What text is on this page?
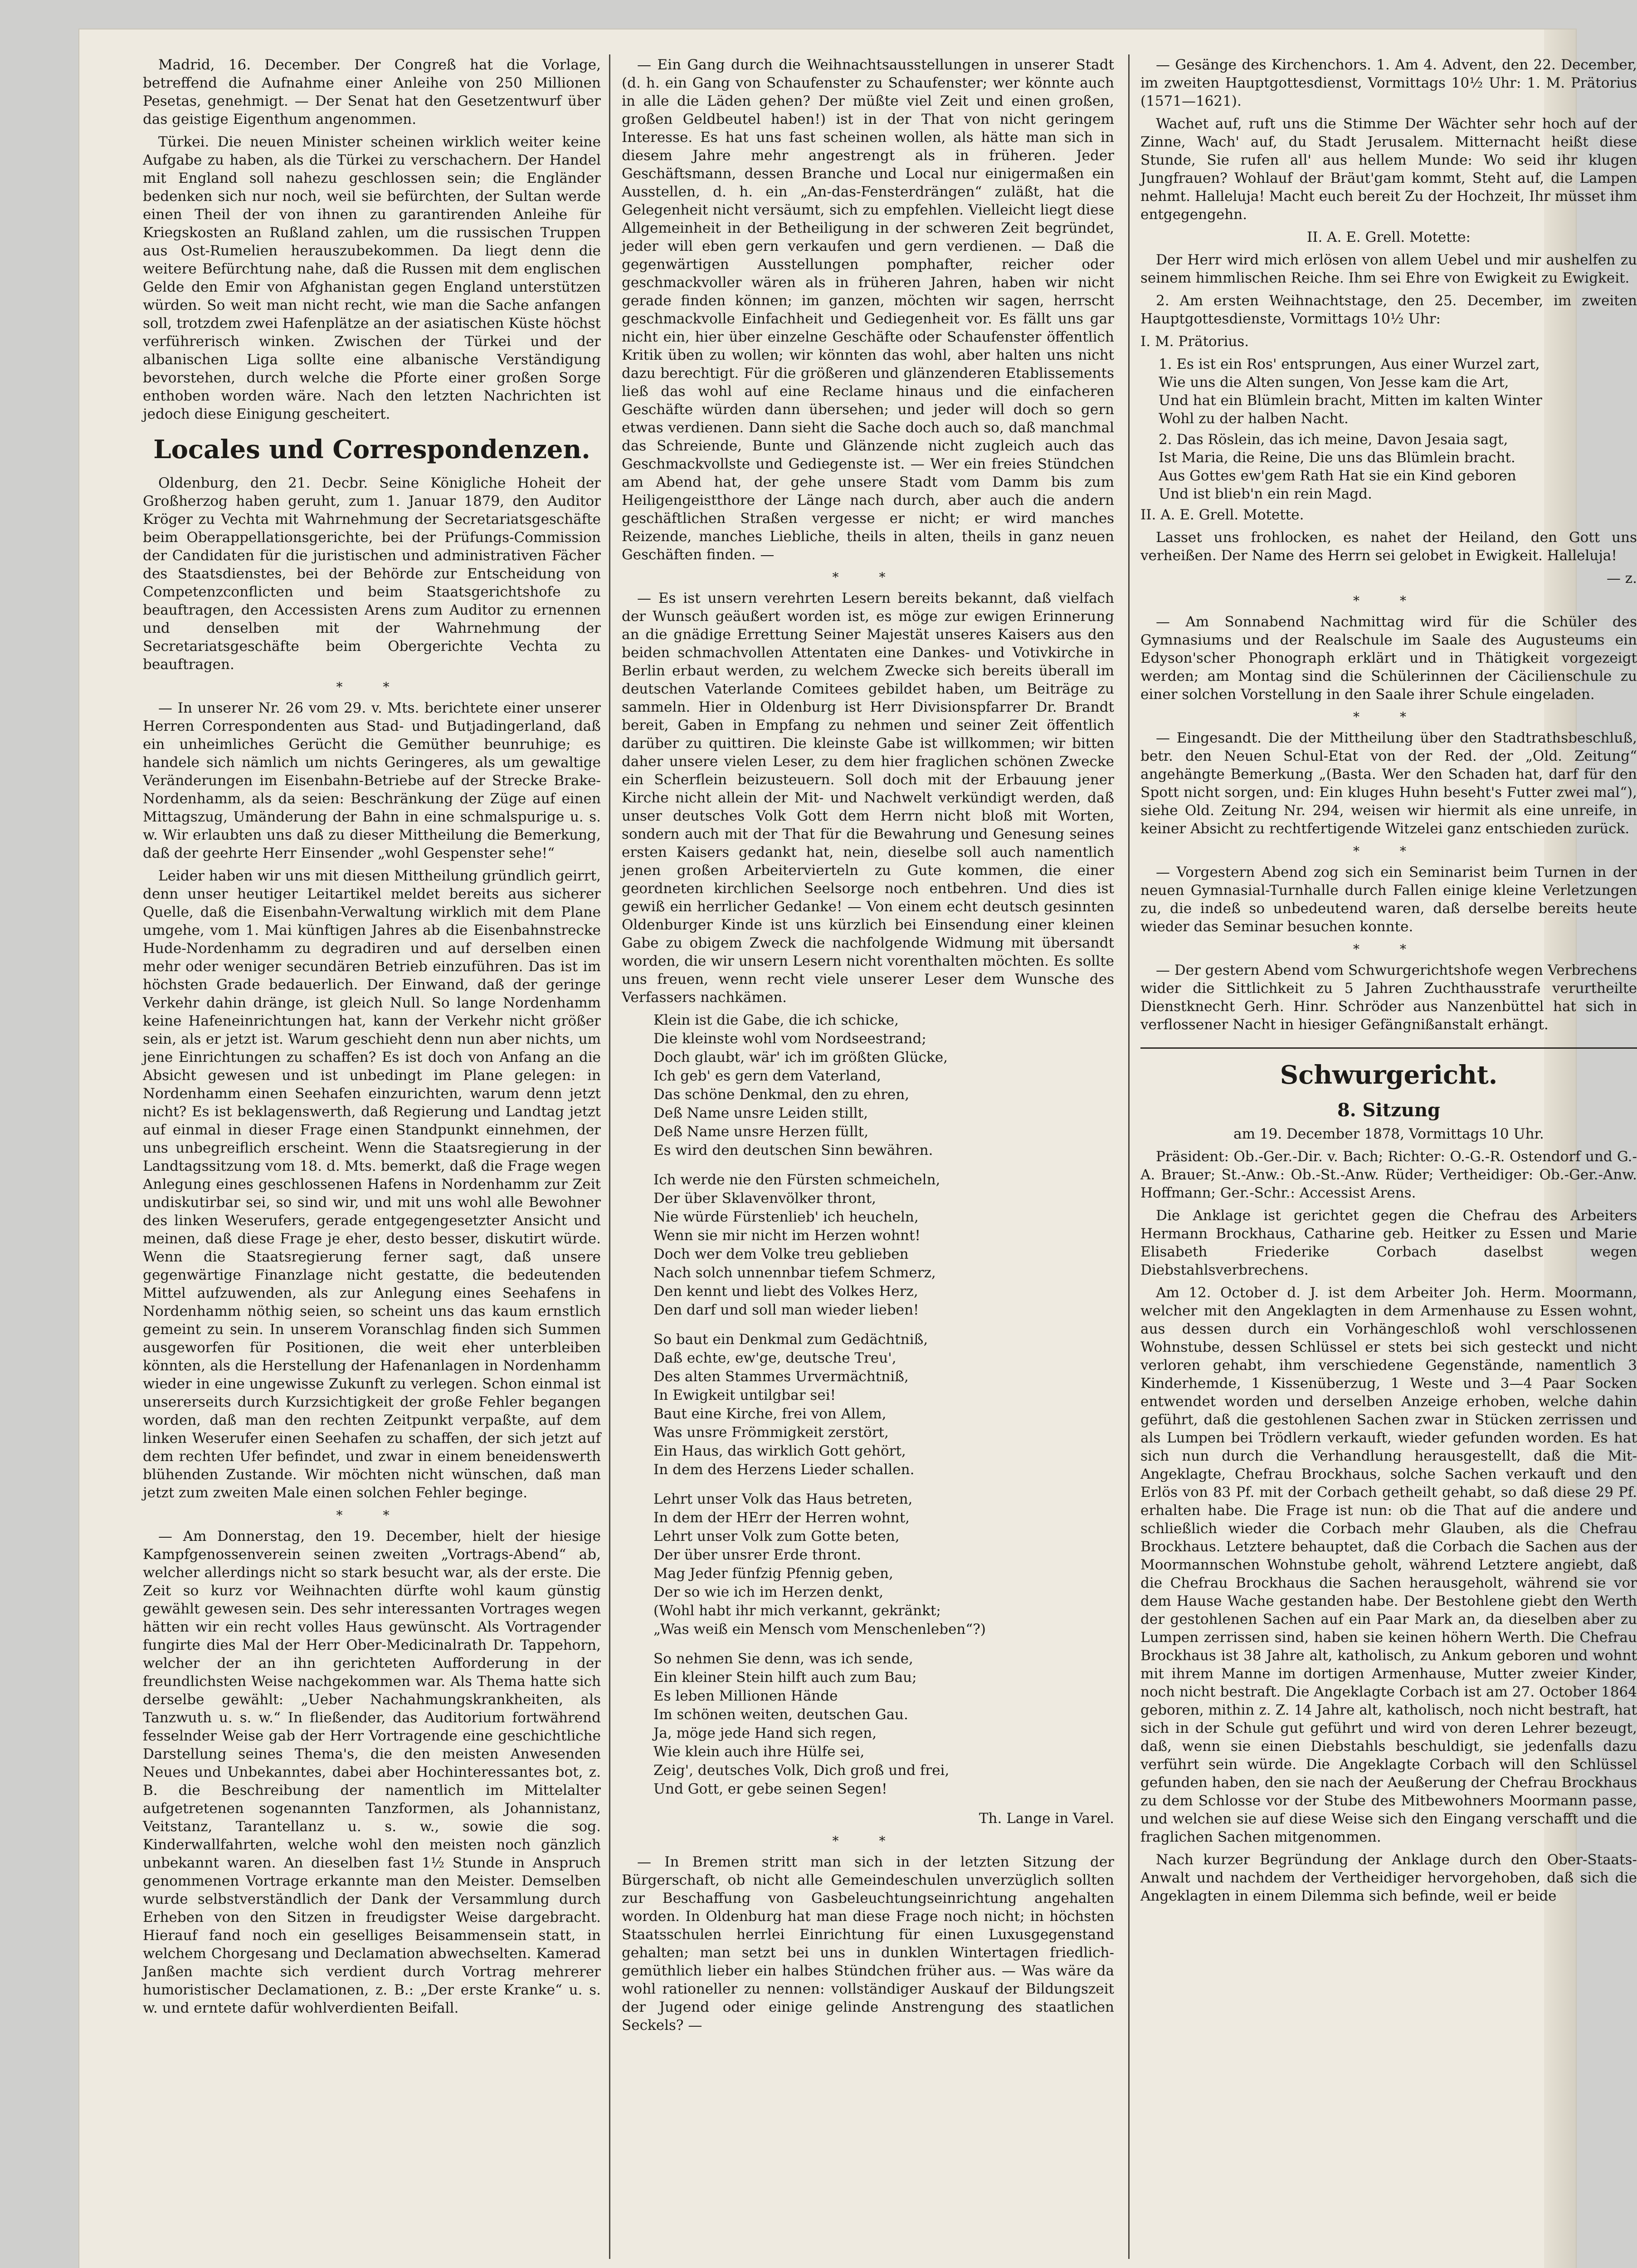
Madrid, 16. December. Der Congreß hat die Vorlage, betreffend die Aufnahme einer Anleihe von 250 Millionen Pesetas, genehmigt. — Der Senat hat den Gesetzentwurf über das geistige Eigenthum angenommen.

Türkei. Die neuen Minister scheinen wirklich weiter keine Aufgabe zu haben, als die Türkei zu verschachern. Der Handel mit England soll nahezu geschlossen sein; die Engländer bedenken sich nur noch, weil sie befürchten, der Sultan werde einen Theil der von ihnen zu garantirenden Anleihe für Kriegskosten an Rußland zahlen, um die russischen Truppen aus Ost-Rumelien herauszubekommen. Da liegt denn die weitere Befürchtung nahe, daß die Russen mit dem englischen Gelde den Emir von Afghanistan gegen England unterstützen würden. So weit man nicht recht, wie man die Sache anfangen soll, trotzdem zwei Hafenplätze an der asiatischen Küste höchst verführerisch winken. Zwischen der Türkei und der albanischen Liga sollte eine albanische Verständigung bevorstehen, durch welche die Pforte einer großen Sorge enthoben worden wäre. Nach den letzten Nachrichten ist jedoch diese Einigung gescheitert.

Locales und Correspondenzen.

Oldenburg, den 21. Decbr. Seine Königliche Hoheit der Großherzog haben geruht, zum 1. Januar 1879, den Auditor Kröger zu Vechta mit Wahrnehmung der Secretariatsgeschäfte beim Oberappellationsgerichte, bei der Prüfungs-Commission der Candidaten für die juristischen und administrativen Fächer des Staatsdienstes, bei der Behörde zur Entscheidung von Competenzconflicten und beim Staatsgerichtshofe zu beauftragen, den Accessisten Arens zum Auditor zu ernennen und denselben mit der Wahrnehmung der Secretariatsgeschäfte beim Obergerichte Vechta zu beauftragen.

* *

— In unserer Nr. 26 vom 29. v. Mts. berichtete einer unserer Herren Correspondenten aus Stad- und Butjadingerland, daß ein unheimliches Gerücht die Gemüther beunruhige; es handele sich nämlich um nichts Geringeres, als um gewaltige Veränderungen im Eisenbahn-Betriebe auf der Strecke Brake-Nordenhamm, als da seien: Beschränkung der Züge auf einen Mittagszug, Umänderung der Bahn in eine schmalspurige u. s. w. Wir erlaubten uns daß zu dieser Mittheilung die Bemerkung, daß der geehrte Herr Einsender „wohl Gespenster sehe!“

Leider haben wir uns mit diesen Mittheilung gründlich geirrt, denn unser heutiger Leitartikel meldet bereits aus sicherer Quelle, daß die Eisenbahn-Verwaltung wirklich mit dem Plane umgehe, vom 1. Mai künftigen Jahres ab die Eisenbahnstrecke Hude-Nordenhamm zu degradiren und auf derselben einen mehr oder weniger secundären Betrieb einzuführen. Das ist im höchsten Grade bedauerlich. Der Einwand, daß der geringe Verkehr dahin dränge, ist gleich Null. So lange Nordenhamm keine Hafeneinrichtungen hat, kann der Verkehr nicht größer sein, als er jetzt ist. Warum geschieht denn nun aber nichts, um jene Einrichtungen zu schaffen? Es ist doch von Anfang an die Absicht gewesen und ist unbedingt im Plane gelegen: in Nordenhamm einen Seehafen einzurichten, warum denn jetzt nicht? Es ist beklagenswerth, daß Regierung und Landtag jetzt auf einmal in dieser Frage einen Standpunkt einnehmen, der uns unbegreiflich erscheint. Wenn die Staatsregierung in der Landtagssitzung vom 18. d. Mts. bemerkt, daß die Frage wegen Anlegung eines geschlossenen Hafens in Nordenhamm zur Zeit undiskutirbar sei, so sind wir, und mit uns wohl alle Bewohner des linken Weserufers, gerade entgegengesetzter Ansicht und meinen, daß diese Frage je eher, desto besser, diskutirt würde. Wenn die Staatsregierung ferner sagt, daß unsere gegenwärtige Finanzlage nicht gestatte, die bedeutenden Mittel aufzuwenden, als zur Anlegung eines Seehafens in Nordenhamm nöthig seien, so scheint uns das kaum ernstlich gemeint zu sein. In unserem Voranschlag finden sich Summen ausgeworfen für Positionen, die weit eher unterbleiben könnten, als die Herstellung der Hafenanlagen in Nordenhamm wieder in eine ungewisse Zukunft zu verlegen. Schon einmal ist unsererseits durch Kurzsichtigkeit der große Fehler begangen worden, daß man den rechten Zeitpunkt verpaßte, auf dem linken Weserufer einen Seehafen zu schaffen, der sich jetzt auf dem rechten Ufer befindet, und zwar in einem beneidenswerth blühenden Zustande. Wir möchten nicht wünschen, daß man jetzt zum zweiten Male einen solchen Fehler beginge.

* *

— Am Donnerstag, den 19. December, hielt der hiesige Kampfgenossenverein seinen zweiten „Vortrags-Abend“ ab, welcher allerdings nicht so stark besucht war, als der erste. Die Zeit so kurz vor Weihnachten dürfte wohl kaum günstig gewählt gewesen sein. Des sehr interessanten Vortrages wegen hätten wir ein recht volles Haus gewünscht. Als Vortragender fungirte dies Mal der Herr Ober-Medicinalrath Dr. Tappehorn, welcher der an ihn gerichteten Aufforderung in der freundlichsten Weise nachgekommen war. Als Thema hatte sich derselbe gewählt: „Ueber Nachahmungskrankheiten, als Tanzwuth u. s. w.“ In fließender, das Auditorium fortwährend fesselnder Weise gab der Herr Vortragende eine geschichtliche Darstellung seines Thema's, die den meisten Anwesenden Neues und Unbekanntes, dabei aber Hochinteressantes bot, z. B. die Beschreibung der namentlich im Mittelalter aufgetretenen sogenannten Tanzformen, als Johannistanz, Veitstanz, Tarantellanz u. s. w., sowie die sog. Kinderwallfahrten, welche wohl den meisten noch gänzlich unbekannt waren. An dieselben fast 1½ Stunde in Anspruch genommenen Vortrage erkannte man den Meister. Demselben wurde selbstverständlich der Dank der Versammlung durch Erheben von den Sitzen in freudigster Weise dargebracht. Hierauf fand noch ein geselliges Beisammensein statt, in welchem Chorgesang und Declamation abwechselten. Kamerad Janßen machte sich verdient durch Vortrag mehrerer humoristischer Declamationen, z. B.: „Der erste Kranke“ u. s. w. und erntete dafür wohlverdienten Beifall.

— Ein Gang durch die Weihnachtsausstellungen in unserer Stadt (d. h. ein Gang von Schaufenster zu Schaufenster; wer könnte auch in alle die Läden gehen? Der müßte viel Zeit und einen großen, großen Geldbeutel haben!) ist in der That von nicht geringem Interesse. Es hat uns fast scheinen wollen, als hätte man sich in diesem Jahre mehr angestrengt als in früheren. Jeder Geschäftsmann, dessen Branche und Local nur einigermaßen ein Ausstellen, d. h. ein „An-das-Fensterdrängen“ zuläßt, hat die Gelegenheit nicht versäumt, sich zu empfehlen. Vielleicht liegt diese Allgemeinheit in der Betheiligung in der schweren Zeit begründet, jeder will eben gern verkaufen und gern verdienen. — Daß die gegenwärtigen Ausstellungen pomphafter, reicher oder geschmackvoller wären als in früheren Jahren, haben wir nicht gerade finden können; im ganzen, möchten wir sagen, herrscht geschmackvolle Einfachheit und Gediegenheit vor. Es fällt uns gar nicht ein, hier über einzelne Geschäfte oder Schaufenster öffentlich Kritik üben zu wollen; wir könnten das wohl, aber halten uns nicht dazu berechtigt. Für die größeren und glänzenderen Etablissements ließ das wohl auf eine Reclame hinaus und die einfacheren Geschäfte würden dann übersehen; und jeder will doch so gern etwas verdienen. Dann sieht die Sache doch auch so, daß manchmal das Schreiende, Bunte und Glänzende nicht zugleich auch das Geschmackvollste und Gediegenste ist. — Wer ein freies Stündchen am Abend hat, der gehe unsere Stadt vom Damm bis zum Heiligengeistthore der Länge nach durch, aber auch die andern geschäftlichen Straßen vergesse er nicht; er wird manches Reizende, manches Liebliche, theils in alten, theils in ganz neuen Geschäften finden. —

* *

— Es ist unsern verehrten Lesern bereits bekannt, daß vielfach der Wunsch geäußert worden ist, es möge zur ewigen Erinnerung an die gnädige Errettung Seiner Majestät unseres Kaisers aus den beiden schmachvollen Attentaten eine Dankes- und Votivkirche in Berlin erbaut werden, zu welchem Zwecke sich bereits überall im deutschen Vaterlande Comitees gebildet haben, um Beiträge zu sammeln. Hier in Oldenburg ist Herr Divisionspfarrer Dr. Brandt bereit, Gaben in Empfang zu nehmen und seiner Zeit öffentlich darüber zu quittiren. Die kleinste Gabe ist willkommen; wir bitten daher unsere vielen Leser, zu dem hier fraglichen schönen Zwecke ein Scherflein beizusteuern. Soll doch mit der Erbauung jener Kirche nicht allein der Mit- und Nachwelt verkündigt werden, daß unser deutsches Volk Gott dem Herrn nicht bloß mit Worten, sondern auch mit der That für die Bewahrung und Genesung seines ersten Kaisers gedankt hat, nein, dieselbe soll auch namentlich jenen großen Arbeitervierteln zu Gute kommen, die einer geordneten kirchlichen Seelsorge noch entbehren. Und dies ist gewiß ein herrlicher Gedanke! — Von einem echt deutsch gesinnten Oldenburger Kinde ist uns kürzlich bei Einsendung einer kleinen Gabe zu obigem Zweck die nachfolgende Widmung mit übersandt worden, die wir unsern Lesern nicht vorenthalten möchten. Es sollte uns freuen, wenn recht viele unserer Leser dem Wunsche des Verfassers nachkämen.

Klein ist die Gabe, die ich schicke,
Die kleinste wohl vom Nordseestrand;
Doch glaubt, wär' ich im größten Glücke,
Ich geb' es gern dem Vaterland,
Das schöne Denkmal, den zu ehren,
Deß Name unsre Leiden stillt,
Deß Name unsre Herzen füllt,
Es wird den deutschen Sinn bewähren.
Ich werde nie den Fürsten schmeicheln,
Der über Sklavenvölker thront,
Nie würde Fürstenlieb' ich heucheln,
Wenn sie mir nicht im Herzen wohnt!
Doch wer dem Volke treu geblieben
Nach solch unnennbar tiefem Schmerz,
Den kennt und liebt des Volkes Herz,
Den darf und soll man wieder lieben!
So baut ein Denkmal zum Gedächtniß,
Daß echte, ew'ge, deutsche Treu',
Des alten Stammes Urvermächtniß,
In Ewigkeit untilgbar sei!
Baut eine Kirche, frei von Allem,
Was unsre Frömmigkeit zerstört,
Ein Haus, das wirklich Gott gehört,
In dem des Herzens Lieder schallen.
Lehrt unser Volk das Haus betreten,
In dem der HErr der Herren wohnt,
Lehrt unser Volk zum Gotte beten,
Der über unsrer Erde thront.
Mag Jeder fünfzig Pfennig geben,
Der so wie ich im Herzen denkt,
(Wohl habt ihr mich verkannt, gekränkt;
„Was weiß ein Mensch vom Menschenleben“?)
So nehmen Sie denn, was ich sende,
Ein kleiner Stein hilft auch zum Bau;
Es leben Millionen Hände
Im schönen weiten, deutschen Gau.
Ja, möge jede Hand sich regen,
Wie klein auch ihre Hülfe sei,
Zeig', deutsches Volk, Dich groß und frei,
Und Gott, er gebe seinen Segen!
Th. Lange in Varel.
* *

— In Bremen stritt man sich in der letzten Sitzung der Bürgerschaft, ob nicht alle Gemeindeschulen unverzüglich sollten zur Beschaffung von Gasbeleuchtungseinrichtung angehalten worden. In Oldenburg hat man diese Frage noch nicht; in höchsten Staatsschulen herrlei Einrichtung für einen Luxusgegenstand gehalten; man setzt bei uns in dunklen Wintertagen friedlich-gemüthlich lieber ein halbes Stündchen früher aus. — Was wäre da wohl rationeller zu nennen: vollständiger Auskauf der Bildungszeit der Jugend oder einige gelinde Anstrengung des staatlichen Seckels? —

— Gesänge des Kirchenchors. 1. Am 4. Advent, den 22. December, im zweiten Hauptgottesdienst, Vormittags 10½ Uhr: 1. M. Prätorius (1571—1621).

Wachet auf, ruft uns die Stimme Der Wächter sehr hoch auf der Zinne, Wach' auf, du Stadt Jerusalem. Mitternacht heißt diese Stunde, Sie rufen all' aus hellem Munde: Wo seid ihr klugen Jungfrauen? Wohlauf der Bräut'gam kommt, Steht auf, die Lampen nehmt. Halleluja! Macht euch bereit Zu der Hochzeit, Ihr müsset ihm entgegengehn.

II. A. E. Grell. Motette:

Der Herr wird mich erlösen von allem Uebel und mir aushelfen zu seinem himmlischen Reiche. Ihm sei Ehre von Ewigkeit zu Ewigkeit.

2. Am ersten Weihnachtstage, den 25. December, im zweiten Hauptgottesdienste, Vormittags 10½ Uhr:

I. M. Prätorius.

1. Es ist ein Ros' entsprungen, Aus einer Wurzel zart,
Wie uns die Alten sungen, Von Jesse kam die Art,
Und hat ein Blümlein bracht, Mitten im kalten Winter
Wohl zu der halben Nacht.
2. Das Röslein, das ich meine, Davon Jesaia sagt,
Ist Maria, die Reine, Die uns das Blümlein bracht.
Aus Gottes ew'gem Rath Hat sie ein Kind geboren
Und ist blieb'n ein rein Magd.

II. A. E. Grell. Motette.

Lasset uns frohlocken, es nahet der Heiland, den Gott uns verheißen. Der Name des Herrn sei gelobet in Ewigkeit. Halleluja!

— z.
* *

— Am Sonnabend Nachmittag wird für die Schüler des Gymnasiums und der Realschule im Saale des Augusteums ein Edyson'scher Phonograph erklärt und in Thätigkeit vorgezeigt werden; am Montag sind die Schülerinnen der Cäcilienschule zu einer solchen Vorstellung in den Saale ihrer Schule eingeladen.

* *

— Eingesandt. Die der Mittheilung über den Stadtrathsbeschluß, betr. den Neuen Schul-Etat von der Red. der „Old. Zeitung“ angehängte Bemerkung „(Basta. Wer den Schaden hat, darf für den Spott nicht sorgen, und: Ein kluges Huhn beseht's Futter zwei mal“), siehe Old. Zeitung Nr. 294, weisen wir hiermit als eine unreife, in keiner Absicht zu rechtfertigende Witzelei ganz entschieden zurück.

* *

— Vorgestern Abend zog sich ein Seminarist beim Turnen in der neuen Gymnasial-Turnhalle durch Fallen einige kleine Verletzungen zu, die indeß so unbedeutend waren, daß derselbe bereits heute wieder das Seminar besuchen konnte.

* *

— Der gestern Abend vom Schwurgerichtshofe wegen Verbrechens wider die Sittlichkeit zu 5 Jahren Zuchthausstrafe verurtheilte Dienstknecht Gerh. Hinr. Schröder aus Nanzenbüttel hat sich in verflossener Nacht in hiesiger Gefängnißanstalt erhängt.

Schwurgericht.
8. Sitzung

am 19. December 1878, Vormittags 10 Uhr.

Präsident: Ob.-Ger.-Dir. v. Bach; Richter: O.-G.-R. Ostendorf und G.-A. Brauer; St.-Anw.: Ob.-St.-Anw. Rüder; Vertheidiger: Ob.-Ger.-Anw. Hoffmann; Ger.-Schr.: Accessist Arens.

Die Anklage ist gerichtet gegen die Chefrau des Arbeiters Hermann Brockhaus, Catharine geb. Heitker zu Essen und Marie Elisabeth Friederike Corbach daselbst wegen Diebstahlsverbrechens.

Am 12. October d. J. ist dem Arbeiter Joh. Herm. Moormann, welcher mit den Angeklagten in dem Armenhause zu Essen wohnt, aus dessen durch ein Vorhängeschloß wohl verschlossenen Wohnstube, dessen Schlüssel er stets bei sich gesteckt und nicht verloren gehabt, ihm verschiedene Gegenstände, namentlich 3 Kinderhemde, 1 Kissenüberzug, 1 Weste und 3—4 Paar Socken entwendet worden und derselben Anzeige erhoben, welche dahin geführt, daß die gestohlenen Sachen zwar in Stücken zerrissen und als Lumpen bei Trödlern verkauft, wieder gefunden worden. Es hat sich nun durch die Verhandlung herausgestellt, daß die Mit-Angeklagte, Chefrau Brockhaus, solche Sachen verkauft und den Erlös von 83 Pf. mit der Corbach getheilt gehabt, so daß diese 29 Pf. erhalten habe. Die Frage ist nun: ob die That auf die andere und schließlich wieder die Corbach mehr Glauben, als die Chefrau Brockhaus. Letztere behauptet, daß die Corbach die Sachen aus der Moormannschen Wohnstube geholt, während Letztere angiebt, daß die Chefrau Brockhaus die Sachen herausgeholt, während sie vor dem Hause Wache gestanden habe. Der Bestohlene giebt den Werth der gestohlenen Sachen auf ein Paar Mark an, da dieselben aber zu Lumpen zerrissen sind, haben sie keinen höhern Werth. Die Chefrau Brockhaus ist 38 Jahre alt, katholisch, zu Ankum geboren und wohnt mit ihrem Manne im dortigen Armenhause, Mutter zweier Kinder, noch nicht bestraft. Die Angeklagte Corbach ist am 27. October 1864 geboren, mithin z. Z. 14 Jahre alt, katholisch, noch nicht bestraft, hat sich in der Schule gut geführt und wird von deren Lehrer bezeugt, daß, wenn sie einen Diebstahls beschuldigt, sie jedenfalls dazu verführt sein würde. Die Angeklagte Corbach will den Schlüssel gefunden haben, den sie nach der Aeußerung der Chefrau Brockhaus zu dem Schlosse vor der Stube des Mitbewohners Moormann passe, und welchen sie auf diese Weise sich den Eingang verschafft und die fraglichen Sachen mitgenommen.

Nach kurzer Begründung der Anklage durch den Ober-Staats-Anwalt und nachdem der Vertheidiger hervorgehoben, daß sich die Angeklagten in einem Dilemma sich befinde, weil er beide
